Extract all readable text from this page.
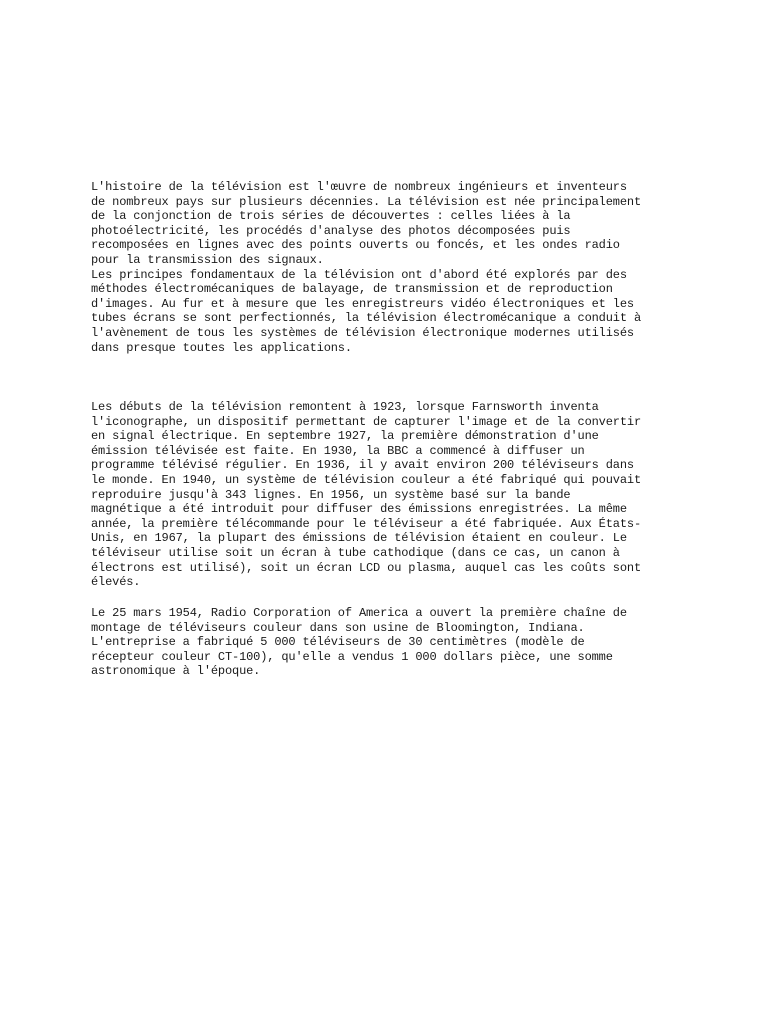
L'histoire de la télévision est l'œuvre de nombreux ingénieurs et inventeurs
de nombreux pays sur plusieurs décennies. La télévision est née principalement
de la conjonction de trois séries de découvertes : celles liées à la
photoélectricité, les procédés d'analyse des photos décomposées puis
recomposées en lignes avec des points ouverts ou foncés, et les ondes radio
pour la transmission des signaux.
Les principes fondamentaux de la télévision ont d'abord été explorés par des
méthodes électromécaniques de balayage, de transmission et de reproduction
d'images. Au fur et à mesure que les enregistreurs vidéo électroniques et les
tubes écrans se sont perfectionnés, la télévision électromécanique a conduit à
l'avènement de tous les systèmes de télévision électronique modernes utilisés
dans presque toutes les applications.
Les débuts de la télévision remontent à 1923, lorsque Farnsworth inventa
l'iconographe, un dispositif permettant de capturer l'image et de la convertir
en signal électrique. En septembre 1927, la première démonstration d'une
émission télévisée est faite. En 1930, la BBC a commencé à diffuser un
programme télévisé régulier. En 1936, il y avait environ 200 téléviseurs dans
le monde. En 1940, un système de télévision couleur a été fabriqué qui pouvait
reproduire jusqu'à 343 lignes. En 1956, un système basé sur la bande
magnétique a été introduit pour diffuser des émissions enregistrées. La même
année, la première télécommande pour le téléviseur a été fabriquée. Aux États-
Unis, en 1967, la plupart des émissions de télévision étaient en couleur. Le
téléviseur utilise soit un écran à tube cathodique (dans ce cas, un canon à
électrons est utilisé), soit un écran LCD ou plasma, auquel cas les coûts sont
élevés.
Le 25 mars 1954, Radio Corporation of America a ouvert la première chaîne de
montage de téléviseurs couleur dans son usine de Bloomington, Indiana.
L'entreprise a fabriqué 5 000 téléviseurs de 30 centimètres (modèle de
récepteur couleur CT-100), qu'elle a vendus 1 000 dollars pièce, une somme
astronomique à l'époque.
